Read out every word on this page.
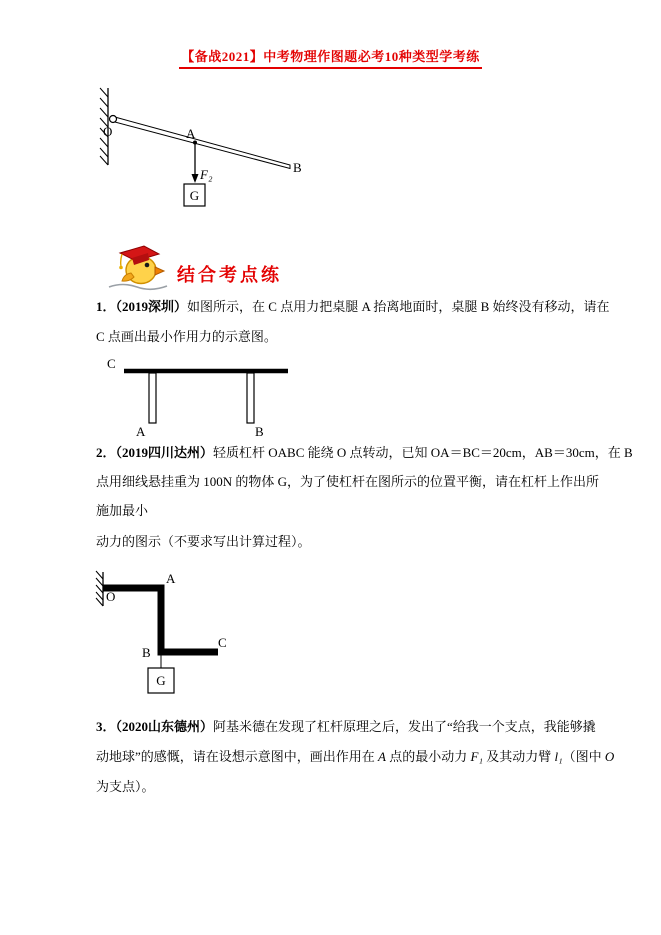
【备战2021】中考物理作图题必考10种类型学考练
O	A
F₂	B
G
结合考点练
1．（2019深圳）如图所示，在 C 点用力把桌腿 A 抬离地面时，桌腿 B 始终没有移动，请在
C 点画出最小作用力的示意图。
C
A	B
2．（2019四川达州）轻质杠杆 OABC 能绕 O 点转动，已知 OA＝BC＝20cm，AB＝30cm，在 B
点用细线悬挂重为 100N 的物体 G，为了使杠杆在图所示的位置平衡，请在杠杆上作出所
施加最小
动力的图示（不要求写出计算过程）。
O
A
B
C
G
3．（2020山东德州）阿基米德在发现了杠杆原理之后，发出了“给我一个支点，我能够撬
动地球”的感慨，请在设想示意图中，画出作用在 A 点的最小动力 F₁ 及其动力臂 l₁（图中 O
为支点）。
